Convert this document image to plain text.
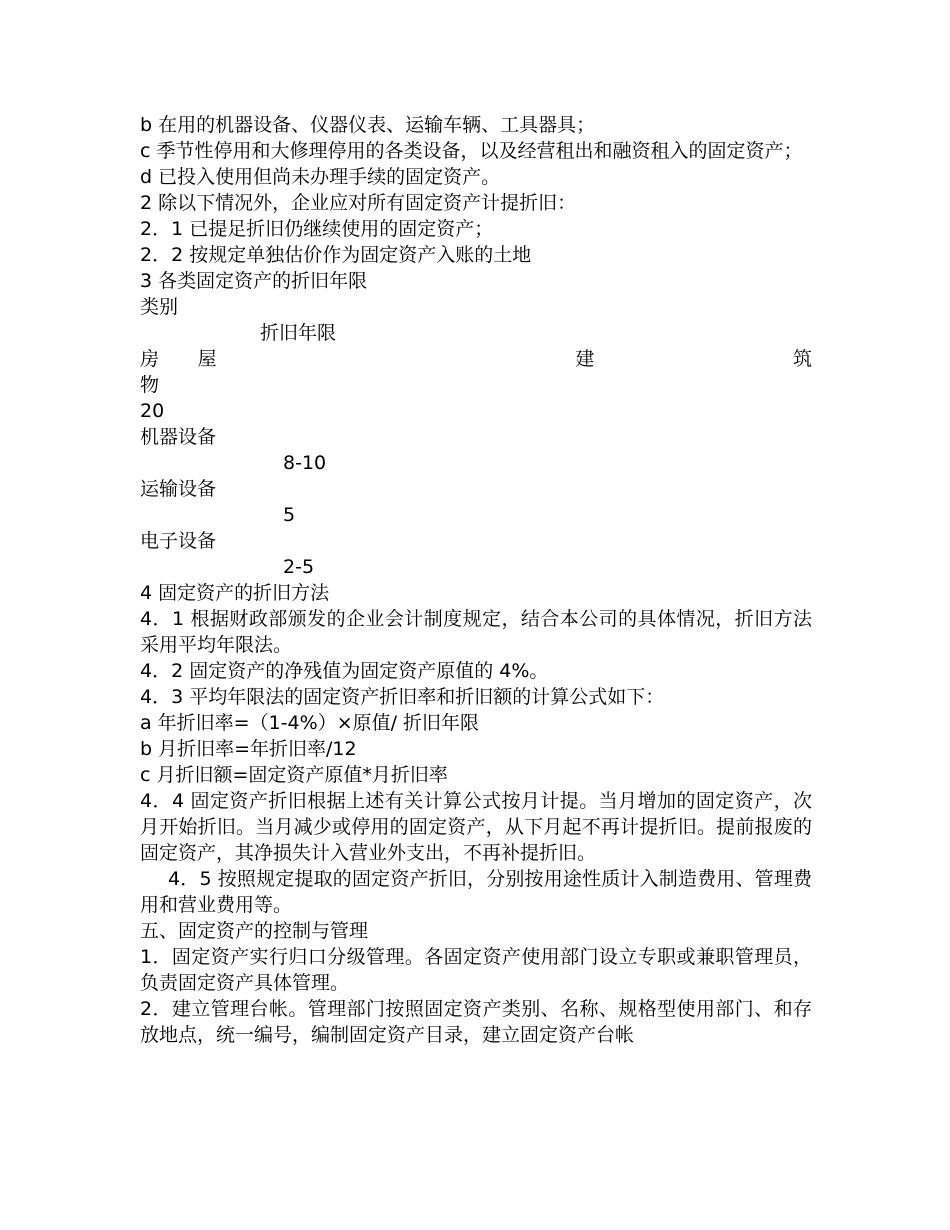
b 在用的机器设备、仪器仪表、运输车辆、工具器具；

c 季节性停用和大修理停用的各类设备，以及经营租出和融资租入的固定资产；

d 已投入使用但尚未办理手续的固定资产。

2 除以下情况外，企业应对所有固定资产计提折旧：

2．1 已提足折旧仍继续使用的固定资产；

2．2 按规定单独估价作为固定资产入账的土地

3 各类固定资产的折旧年限

类别

折旧年限

房 屋	建	筑

物

20

机器设备

8-10

运输设备

5

电子设备

2-5

4 固定资产的折旧方法

4．1 根据财政部颁发的企业会计制度规定，结合本公司的具体情况，折旧方法采用平均年限法。

4．2 固定资产的净残值为固定资产原值的 4%。

4．3 平均年限法的固定资产折旧率和折旧额的计算公式如下：

a 年折旧率=（1-4%）×原值/ 折旧年限

b 月折旧率=年折旧率/12

c 月折旧额=固定资产原值*月折旧率

4．4 固定资产折旧根据上述有关计算公式按月计提。当月增加的固定资产，次月开始折旧。当月减少或停用的固定资产，从下月起不再计提折旧。提前报废的固定资产，其净损失计入营业外支出，不再补提折旧。

4．5 按照规定提取的固定资产折旧，分别按用途性质计入制造费用、管理费用和营业费用等。

五、固定资产的控制与管理

1．固定资产实行归口分级管理。各固定资产使用部门设立专职或兼职管理员，负责固定资产具体管理。

2．建立管理台帐。管理部门按照固定资产类别、名称、规格型使用部门、和存放地点，统一编号，编制固定资产目录，建立固定资产台帐
